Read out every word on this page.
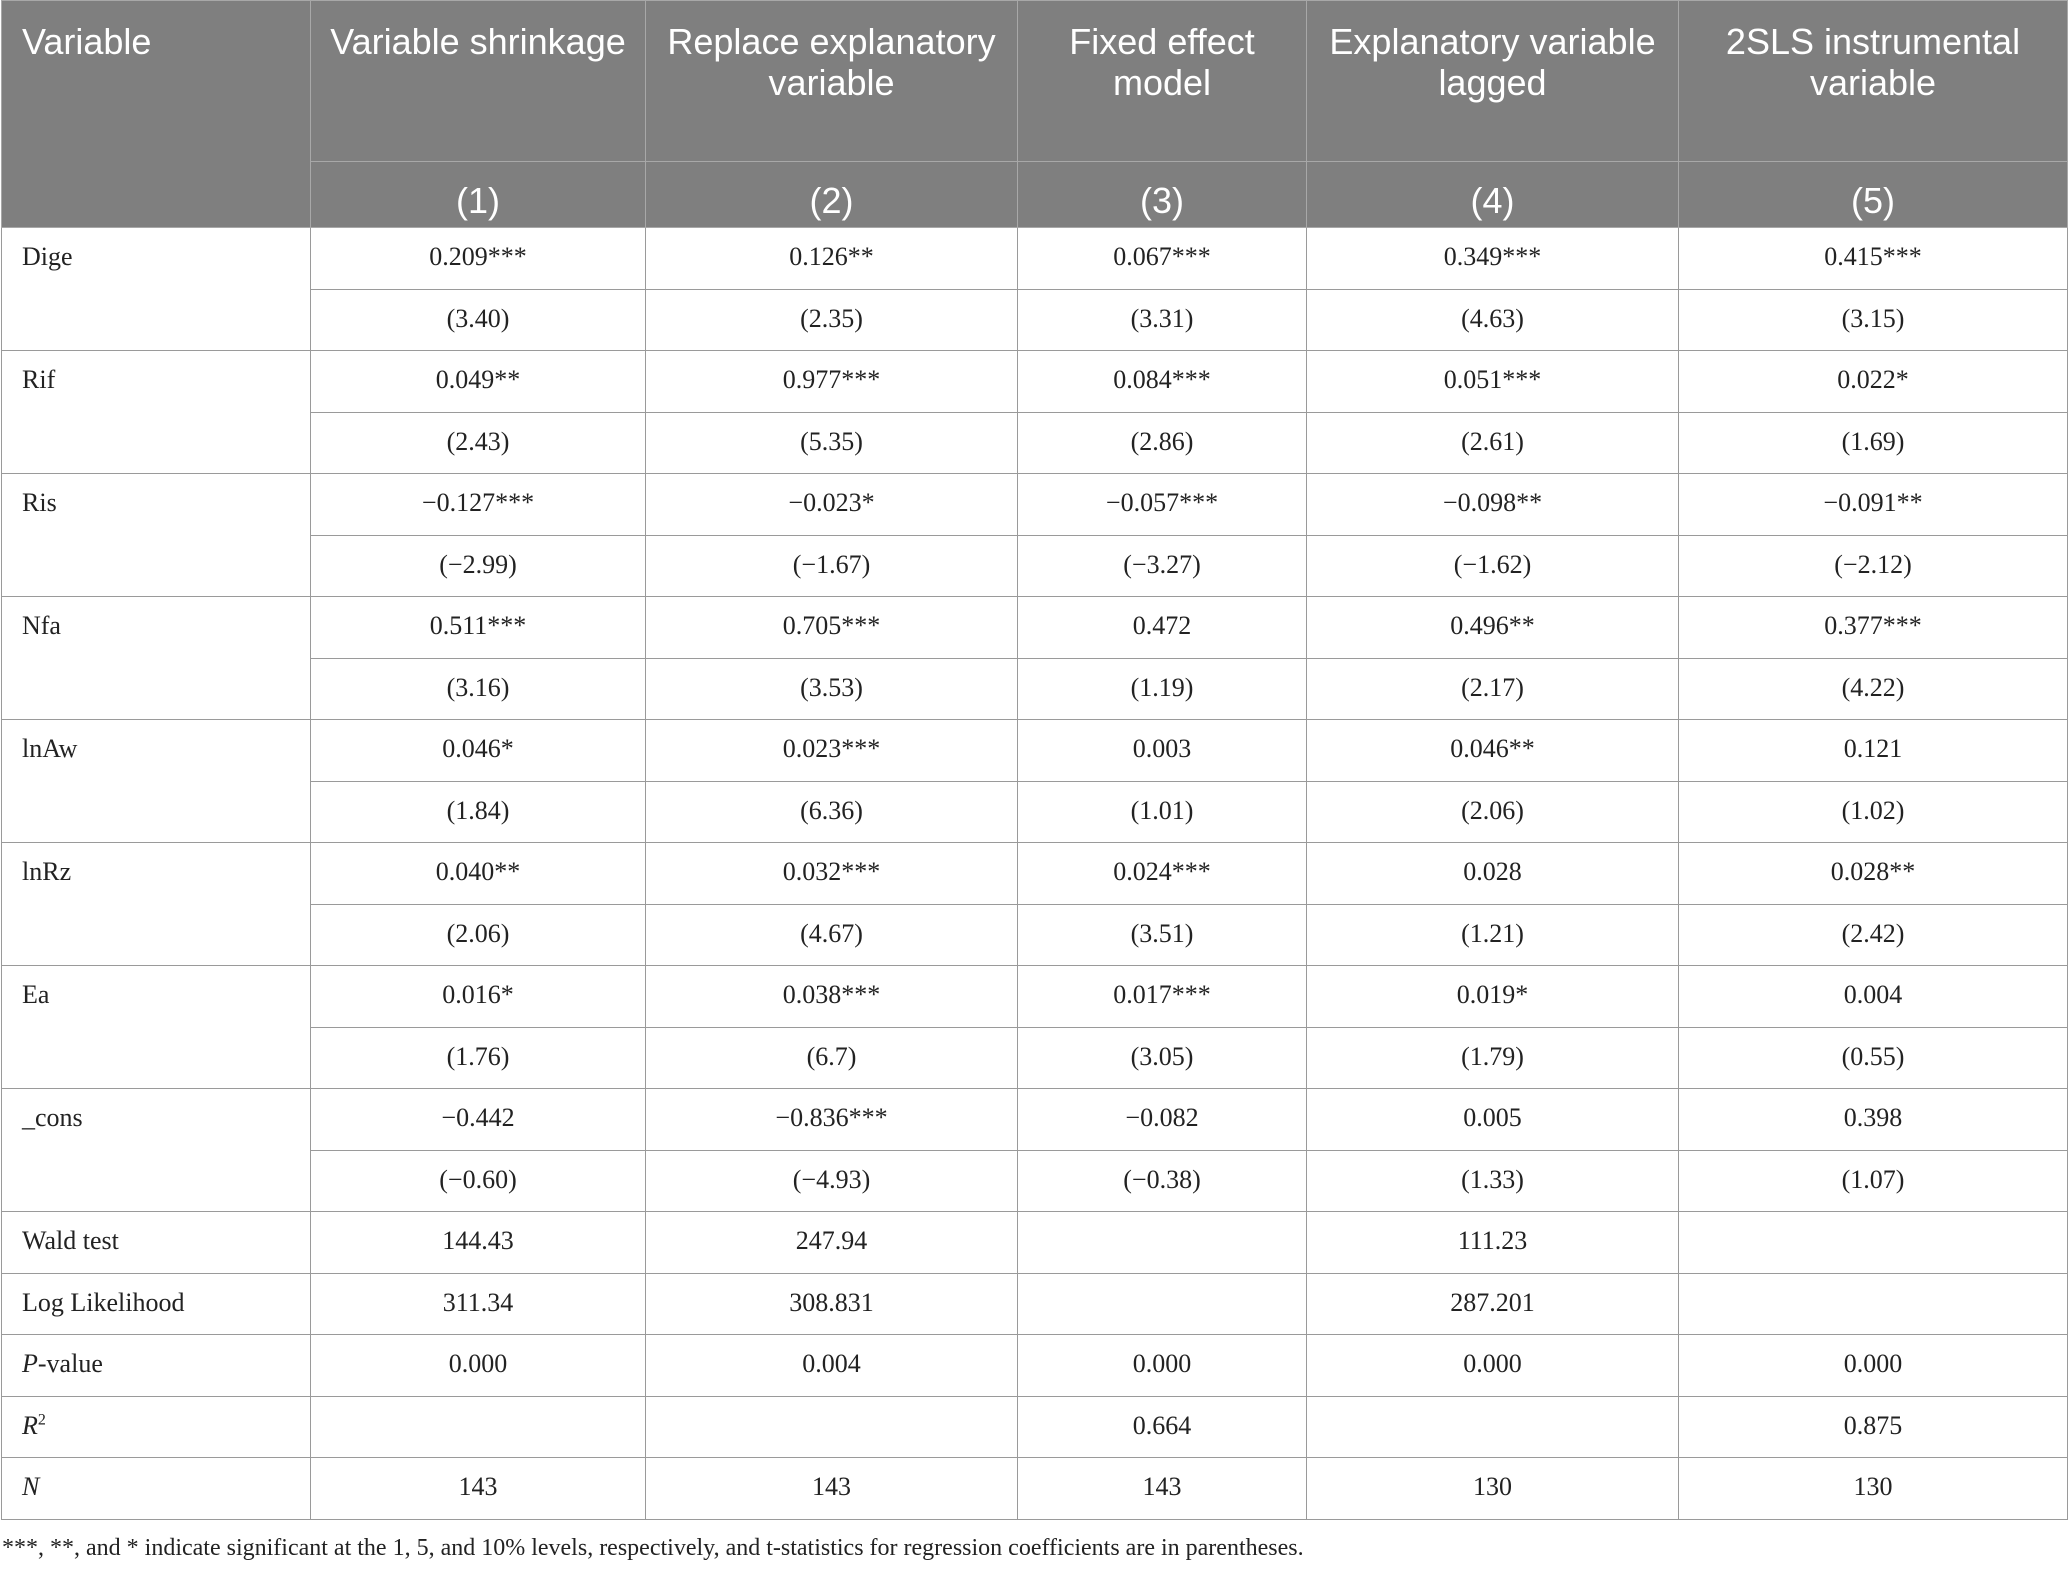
Variable	Variable shrinkage	Replace explanatory variable	Fixed effect model	Explanatory variable lagged	2SLS instrumental variable
	(1)	(2)	(3)	(4)	(5)
Dige	0.209***	0.126**	0.067***	0.349***	0.415***
	(3.40)	(2.35)	(3.31)	(4.63)	(3.15)
Rif	0.049**	0.977***	0.084***	0.051***	0.022*
	(2.43)	(5.35)	(2.86)	(2.61)	(1.69)
Ris	−0.127***	−0.023*	−0.057***	−0.098**	−0.091**
	(−2.99)	(−1.67)	(−3.27)	(−1.62)	(−2.12)
Nfa	0.511***	0.705***	0.472	0.496**	0.377***
	(3.16)	(3.53)	(1.19)	(2.17)	(4.22)
lnAw	0.046*	0.023***	0.003	0.046**	0.121
	(1.84)	(6.36)	(1.01)	(2.06)	(1.02)
lnRz	0.040**	0.032***	0.024***	0.028	0.028**
	(2.06)	(4.67)	(3.51)	(1.21)	(2.42)
Ea	0.016*	0.038***	0.017***	0.019*	0.004
	(1.76)	(6.7)	(3.05)	(1.79)	(0.55)
_cons	−0.442	−0.836***	−0.082	0.005	0.398
	(−0.60)	(−4.93)	(−0.38)	(1.33)	(1.07)
Wald test	144.43	247.94		111.23	
Log Likelihood	311.34	308.831		287.201	
P-value	0.000	0.004	0.000	0.000	0.000
$R^2$			0.664		0.875
N	143	143	143	130	130
***, **, and * indicate significant at the 1, 5, and 10% levels, respectively, and t-statistics for regression coefficients are in parentheses.
